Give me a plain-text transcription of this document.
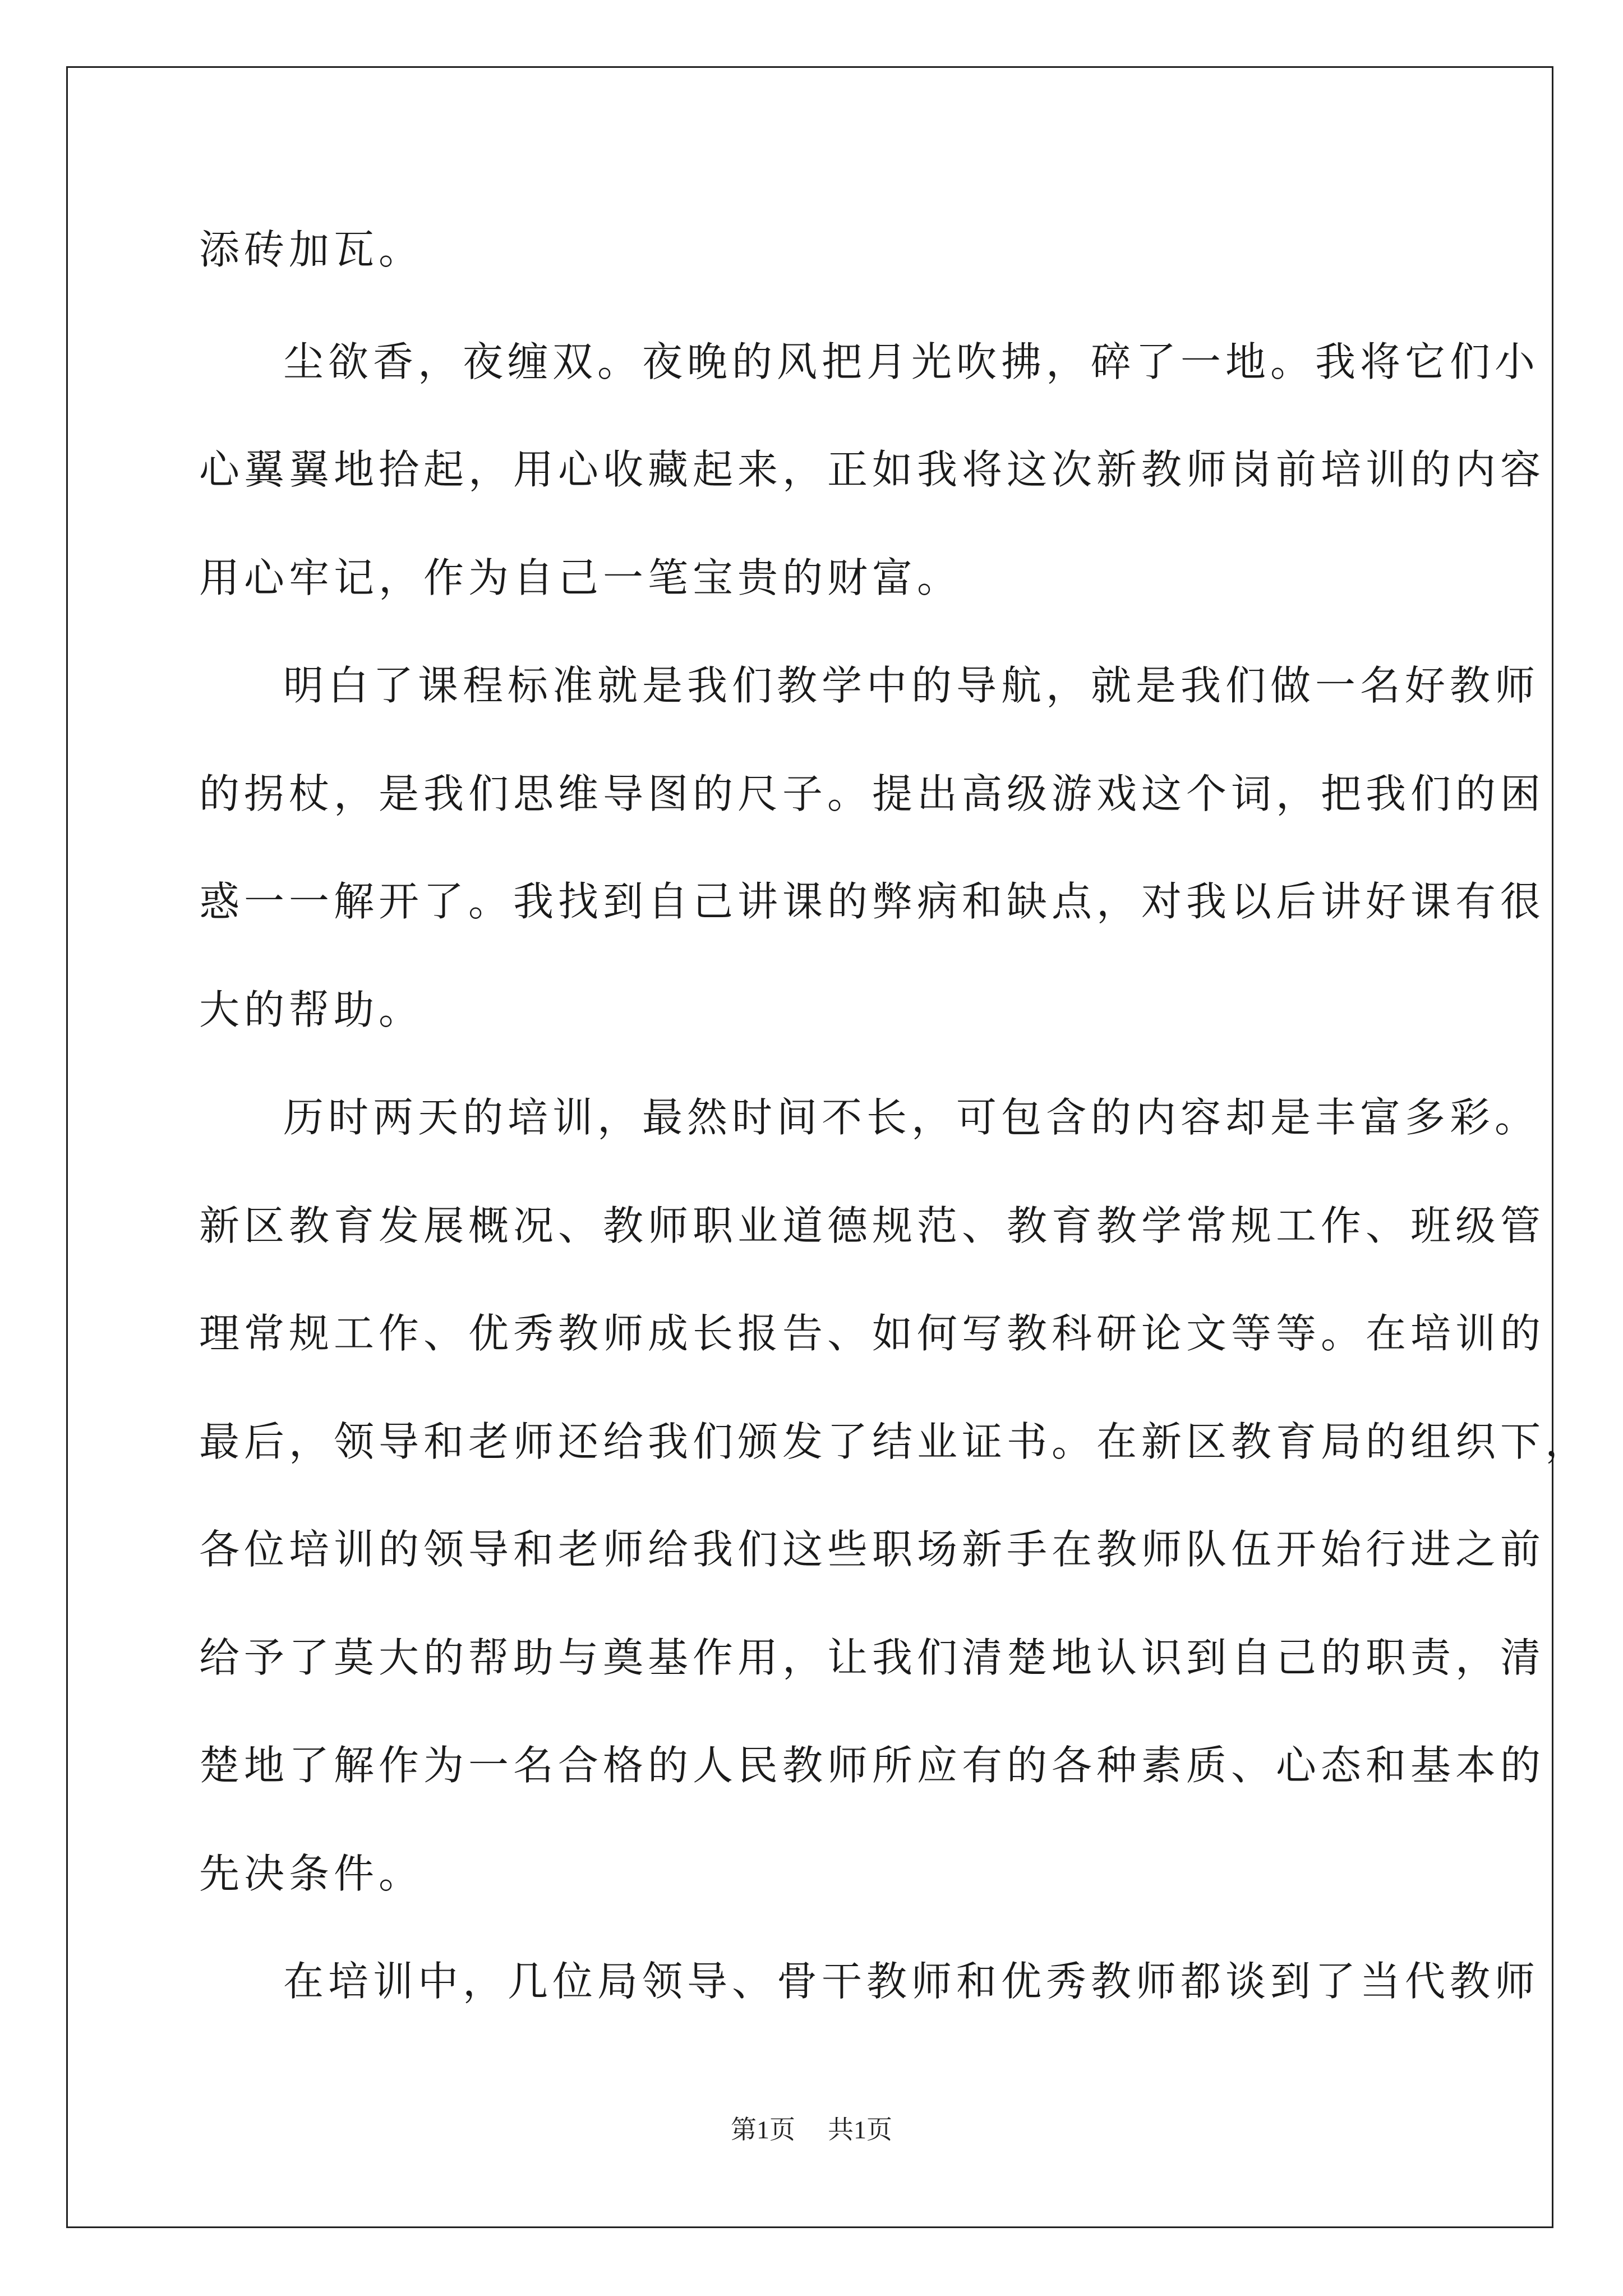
添砖加瓦。
尘欲香，夜缠双。夜晚的风把月光吹拂，碎了一地。我将它们小
心翼翼地拾起，用心收藏起来，正如我将这次新教师岗前培训的内容
用心牢记，作为自己一笔宝贵的财富。
明白了课程标准就是我们教学中的导航，就是我们做一名好教师
的拐杖，是我们思维导图的尺子。提出高级游戏这个词，把我们的困
惑一一解开了。我找到自己讲课的弊病和缺点，对我以后讲好课有很
大的帮助。
历时两天的培训，最然时间不长，可包含的内容却是丰富多彩。
新区教育发展概况、教师职业道德规范、教育教学常规工作、班级管
理常规工作、优秀教师成长报告、如何写教科研论文等等。在培训的
最后，领导和老师还给我们颁发了结业证书。在新区教育局的组织下，
各位培训的领导和老师给我们这些职场新手在教师队伍开始行进之前
给予了莫大的帮助与奠基作用，让我们清楚地认识到自己的职责，清
楚地了解作为一名合格的人民教师所应有的各种素质、心态和基本的
先决条件。
在培训中，几位局领导、骨干教师和优秀教师都谈到了当代教师
第1页 共1页
